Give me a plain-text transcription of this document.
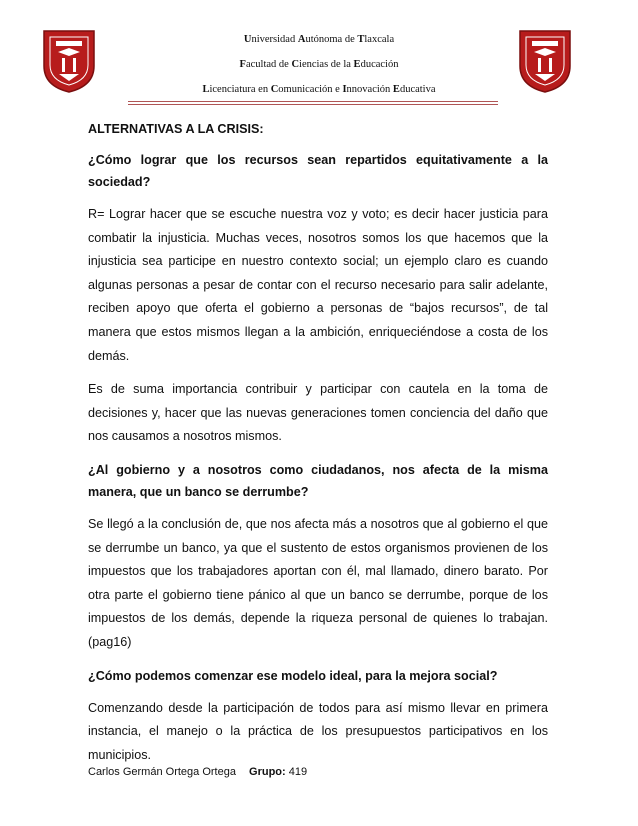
Universidad Autónoma de Tlaxcala
Facultad de Ciencias de la Educación
Licenciatura en Comunicación e Innovación Educativa
ALTERNATIVAS A LA CRISIS:
¿Cómo lograr que los recursos sean repartidos equitativamente a la sociedad?
R= Lograr hacer que se escuche nuestra voz y voto; es decir hacer justicia para combatir la injusticia. Muchas veces, nosotros somos los que hacemos que la injusticia sea participe en nuestro contexto social; un ejemplo claro es cuando algunas personas a pesar de contar con el recurso necesario para salir adelante, reciben apoyo que oferta el gobierno a personas de “bajos recursos”, de tal manera que estos mismos llegan a la ambición, enriqueciéndose a costa de los demás.
Es de suma importancia contribuir y participar con cautela en la toma de decisiones y, hacer que las nuevas generaciones tomen conciencia del daño que nos causamos a nosotros mismos.
¿Al gobierno y a nosotros como ciudadanos, nos afecta de la misma manera, que un banco se derrumbe?
Se llegó a la conclusión de, que nos afecta más a nosotros que al gobierno el que se derrumbe un banco, ya que el sustento de estos organismos provienen de los impuestos que los trabajadores aportan con él, mal llamado, dinero barato. Por otra parte el gobierno tiene pánico al que un banco se derrumbe, porque de los impuestos de los demás, depende la riqueza personal de quienes lo trabajan. (pag16)
¿Cómo podemos comenzar ese modelo ideal, para la mejora social?
Comenzando desde la participación de todos para así mismo llevar en primera instancia, el manejo o la práctica de los presupuestos participativos en los municipios.
Carlos Germán Ortega Ortega Grupo: 419
